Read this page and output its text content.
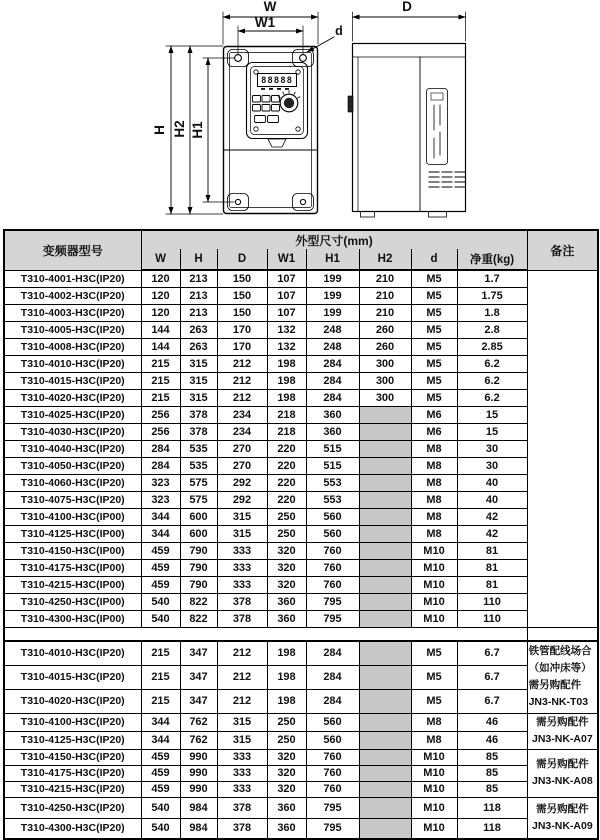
W
W1
d
H H2 H1
D
88888
变频器型号	外型尺寸(mm)								备注
	W	H	D	W1	H1	H2	d	净重(kg)	
T310-4001-H3C(IP20)	120	213	150	107	199	210	M5	1.7	
T310-4002-H3C(IP20)	120	213	150	107	199	210	M5	1.75	
T310-4003-H3C(IP20)	120	213	150	107	199	210	M5	1.8	
T310-4005-H3C(IP20)	144	263	170	132	248	260	M5	2.8	
T310-4008-H3C(IP20)	144	263	170	132	248	260	M5	2.85	
T310-4010-H3C(IP20)	215	315	212	198	284	300	M5	6.2	
T310-4015-H3C(IP20)	215	315	212	198	284	300	M5	6.2	
T310-4020-H3C(IP20)	215	315	212	198	284	300	M5	6.2	
T310-4025-H3C(IP20)	256	378	234	218	360		M6	15	
T310-4030-H3C(IP20)	256	378	234	218	360		M6	15	
T310-4040-H3C(IP20)	284	535	270	220	515		M8	30	
T310-4050-H3C(IP20)	284	535	270	220	515		M8	30	
T310-4060-H3C(IP20)	323	575	292	220	553		M8	40	
T310-4075-H3C(IP20)	323	575	292	220	553		M8	40	
T310-4100-H3C(IP00)	344	600	315	250	560		M8	42	
T310-4125-H3C(IP00)	344	600	315	250	560		M8	42	
T310-4150-H3C(IP00)	459	790	333	320	760		M10	81	
T310-4175-H3C(IP00)	459	790	333	320	760		M10	81	
T310-4215-H3C(IP00)	459	790	333	320	760		M10	81	
T310-4250-H3C(IP00)	540	822	378	360	795		M10	110	
T310-4300-H3C(IP00)	540	822	378	360	795		M10	110	

T310-4010-H3C(IP20)	215	347	212	198	284		M5	6.7	铁管配线场合
（如冲床等）
需另购配件
JN3-NK-T03

T310-4015-H3C(IP20)	215	347	212	198	284		M5	6.7	
T310-4020-H3C(IP20)	215	347	212	198	284		M5	6.7	
T310-4100-H3C(IP20)	344	762	315	250	560		M8	46	需另购配件
JN3-NK-A07

T310-4125-H3C(IP20)	344	762	315	250	560		M8	46	
T310-4150-H3C(IP20)	459	990	333	320	760		M10	85	需另购配件
JN3-NK-A08

T310-4175-H3C(IP20)	459	990	333	320	760		M10	85	
T310-4215-H3C(IP20)	459	990	333	320	760		M10	85	
T310-4250-H3C(IP20)	540	984	378	360	795		M10	118	需另购配件
JN3-NK-A09

T310-4300-H3C(IP20)	540	984	378	360	795		M10	118	
